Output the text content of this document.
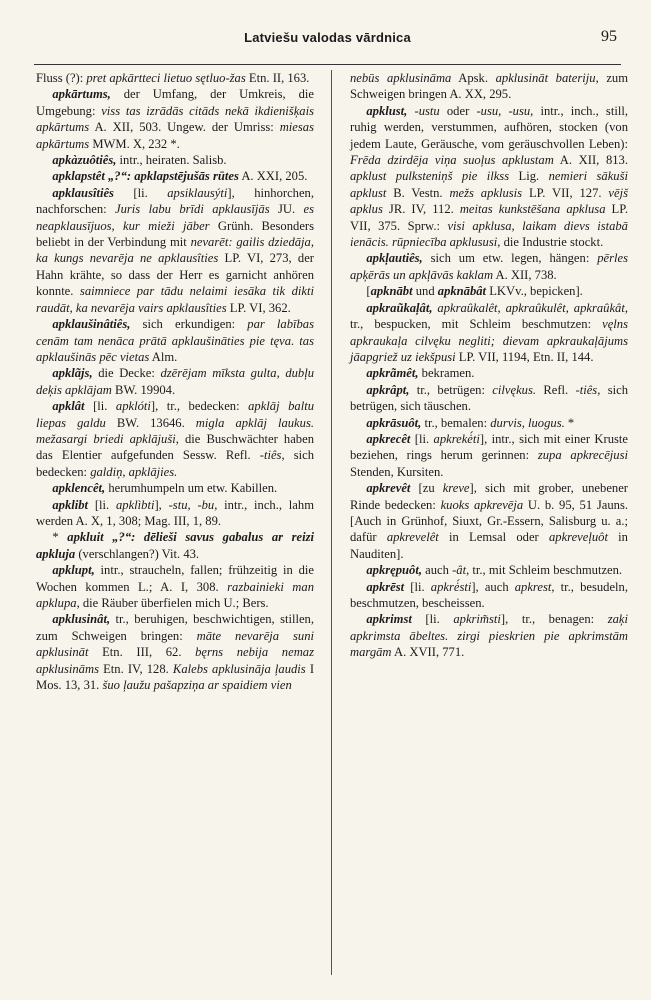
Latviešu valodas vārdnica	95

Fluss (?): pret apkārtteci lietuo sętluo-žas Etn. II, 163.

apkārtums, der Umfang, der Umkreis, die Umgebung: viss tas izrādās citāds nekā ikdienišķais apkārtums A. XII, 503. Ungew. der Umriss: miesas apkārtums MWM. X, 232 *.

apkàzuôtiês, intr., heiraten. Salisb.

apklapstêt „?“: apklapstējušās rūtes A. XXI, 205.

apklausîtiês [li. apsiklausýti], hinhorchen, nachforschen: Juris labu brīdi apklausījās JU. es neapklausījuos, kur mieži jāber Grünh. Besonders beliebt in der Verbindung mit nevarēt: gailis dziedāja, ka kungs nevarēja ne apklausîties LP. VI, 273, der Hahn krähte, so dass der Herr es garnicht anhören konnte. saimniece par tādu nelaimi iesāka tik dikti raudāt, ka nevarēja vairs apklausîties LP. VI, 362.

apklaušinâtiês, sich erkundigen: par labības cenām tam nenāca prātā apklaušināties pie tęva. tas apklaušinās pēc vietas Alm.

apklãjs, die Decke: dzērējam mīksta gulta, dubļu deķis apklājam BW. 19904.

apklât [li. apklóti], tr., bedecken: apklāj baltu liepas galdu BW. 13646. migla apklāj laukus. mežasargi briedi apklājuši, die Buschwächter haben das Elentier aufgefunden Sessw. Refl. -tiês, sich bedecken: galdiņ, apklājies.

apklencêt, herumhumpeln um etw. Kabillen.

apklibt [li. apklìbti], -stu, -bu, intr., inch., lahm werden A. X, 1, 308; Mag. III, 1, 89.

* apkluit „?“: dēlieši savus gabalus ar reizi apkluja (verschlangen?) Vit. 43.

apklupt, intr., straucheln, fallen; frühzeitig in die Wochen kommen L.; A. I, 308. razbainieki man apklupa, die Räuber überfielen mich U.; Bers.

apklusinât, tr., beruhigen, beschwichtigen, stillen, zum Schweigen bringen: māte nevarēja suni apklusināt Etn. III, 62. bęrns nebija nemaz apklusināms Etn. IV, 128. Kalebs apklusināja ļaudis I Mos. 13, 31. šuo ļaužu pašapziņa ar spaidiem vien

nebūs apklusināma Apsk. apklusināt bateriju, zum Schweigen bringen A. XX, 295.

apklust, -ustu oder -usu, -usu, intr., inch., still, ruhig werden, verstummen, aufhören, stocken (von jedem Laute, Geräusche, vom geräuschvollen Leben): Frēda dzirdēja viņa suoļus apklustam A. XII, 813. apklust pulksteniņš pie ilkss Lig. nemieri sākuši apklust B. Vestn. mežs apklusis LP. VII, 127. vējš apklus JR. IV, 112. meitas kunkstēšana apklusa LP. VII, 375. Sprw.: visi apklusa, laikam dievs istabā ienācis. rūpniecība apklususi, die Industrie stockt.

apkļautiês, sich um etw. legen, hängen: pērles apķērās un apkļāvās kaklam A. XII, 738.

[apknābt und apknābât LKVv., bepicken].

apkraũkaļât, apkraûkalêt, apkraûkulêt, apkraûkât, tr., bespucken, mit Schleim beschmutzen: vęlns apkraukaļa cilvęku negliti; dievam apkraukaļājums jāapgriež uz iekšpusi LP. VII, 1194, Etn. II, 144.

apkrãmêt, bekramen.

apkrâpt, tr., betrügen: cilvękus. Refl. -tiês, sich betrügen, sich täuschen.

apkrāsuôt, tr., bemalen: durvis, luogus. *

apkrecêt [li. apkrekė́ti], intr., sich mit einer Kruste beziehen, rings herum gerinnen: zupa apkrecējusi Stenden, Kursiten.

apkrevêt [zu kreve], sich mit grober, unebener Rinde bedecken: kuoks apkrevēja U. b. 95, 51 Jauns. [Auch in Grünhof, Siuxt, Gr.-Essern, Salisburg u. a.; dafür apkrevelêt in Lemsal oder apkreveļuôt in Nauditen].

apkrępuôt, auch -ât, tr., mit Schleim beschmutzen.

apkrēst [li. apkrė́sti], auch apkrest, tr., besudeln, beschmutzen, bescheissen.

apkrimst [li. apkrim̃sti], tr., benagen: zaķi apkrimsta ābeltes. zirgi pieskrien pie apkrimstām margām A. XVII, 771.
